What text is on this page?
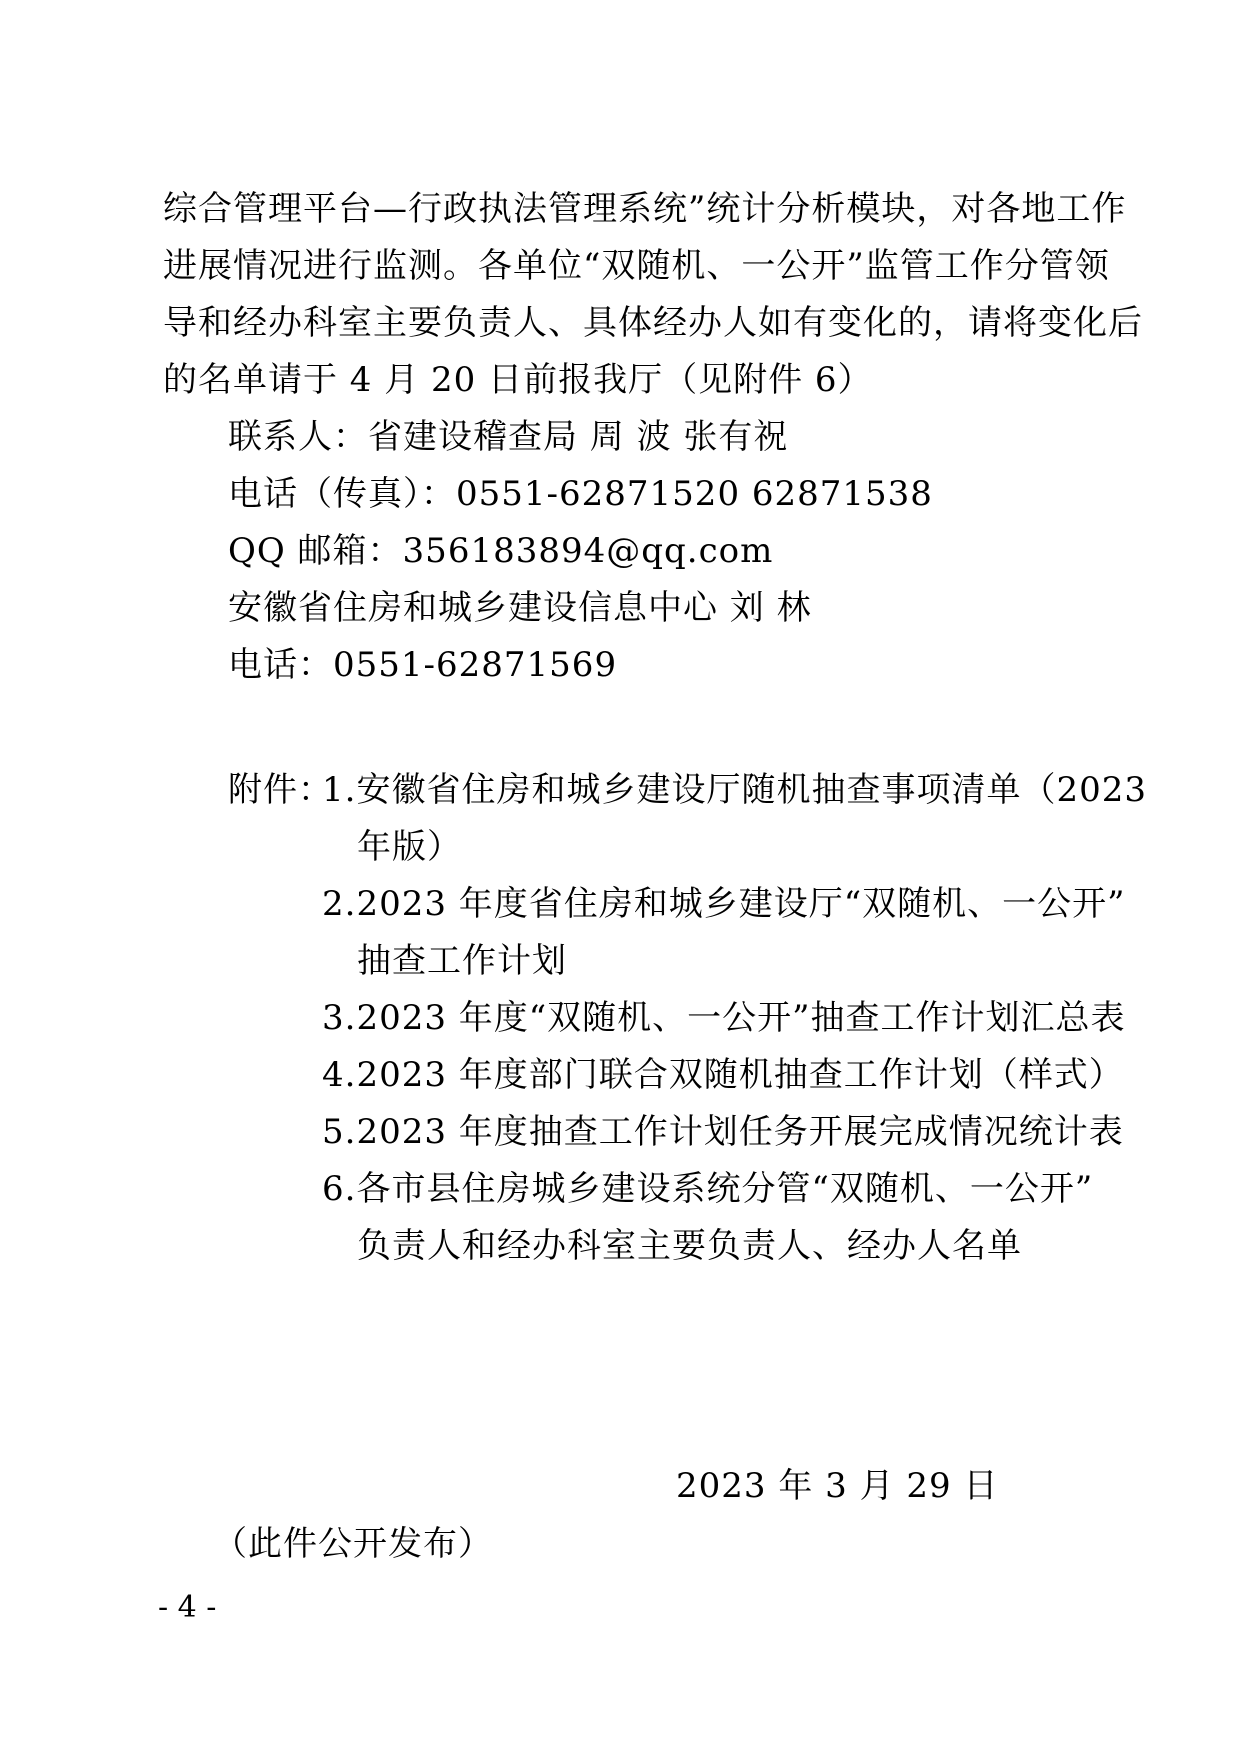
综合管理平台—行政执法管理系统”统计分析模块，对各地工作
进展情况进行监测。各单位“双随机、一公开”监管工作分管领
导和经办科室主要负责人、具体经办人如有变化的，请将变化后
的名单请于 4 月 20 日前报我厅（见附件 6）
联系人：省建设稽查局 周 波 张有祝
电话（传真）：0551-62871520 62871538
QQ 邮箱：356183894@qq.com
安徽省住房和城乡建设信息中心 刘 林
电话：0551-62871569
附件：
1.安徽省住房和城乡建设厅随机抽查事项清单（2023
年版）
2.2023 年度省住房和城乡建设厅“双随机、一公开”
抽查工作计划
3.2023 年度“双随机、一公开”抽查工作计划汇总表
4.2023 年度部门联合双随机抽查工作计划（样式）
5.2023 年度抽查工作计划任务开展完成情况统计表
6.各市县住房城乡建设系统分管“双随机、一公开”
负责人和经办科室主要负责人、经办人名单
2023 年 3 月 29 日
（此件公开发布）
- 4 -
